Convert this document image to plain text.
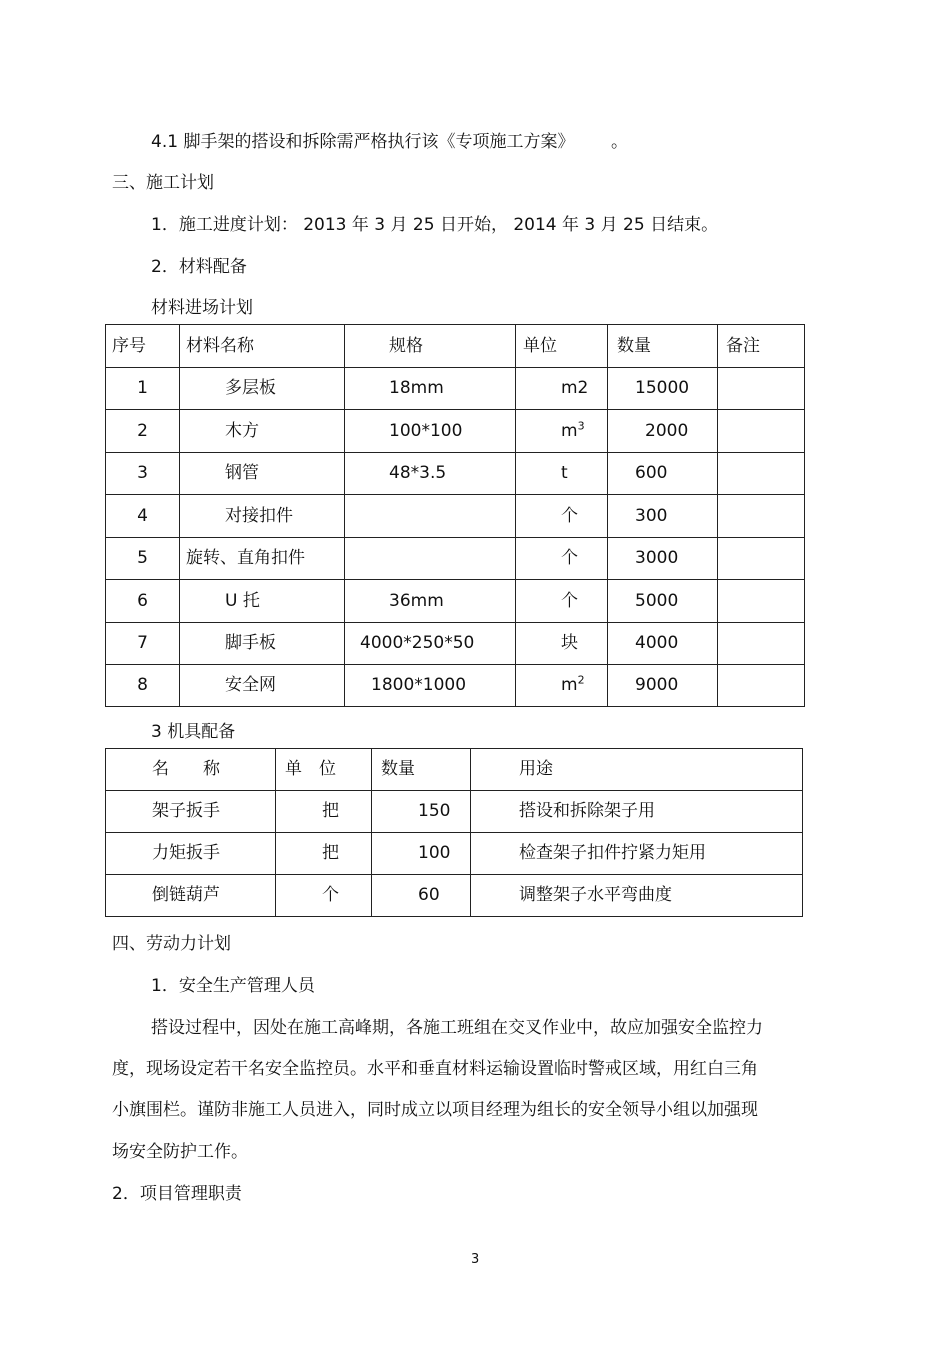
4.1 脚手架的搭设和拆除需严格执行该《专项施工方案》 。
三、施工计划
1．施工进度计划： 2013 年 3 月 25 日开始， 2014 年 3 月 25 日结束。
2．材料配备
材料进场计划
序号	材料名称	规格	单位	数量	备注
1	多层板	18mm	m2	15000	
2	木方	100*100	$m^3$	2000	
3	钢管	48*3.5	t	600	
4	对接扣件		个	300	
5	旋转、直角扣件		个	3000	
6	U 托	36mm	个	5000	
7	脚手板	4000*250*50	块	4000	
8	安全网	1800*1000	$m^2$	9000	
3 机具配备
名　　称	单　位	数量	用途
架子扳手	把	150	搭设和拆除架子用
力矩扳手	把	100	检查架子扣件拧紧力矩用
倒链葫芦	个	60	调整架子水平弯曲度
四、劳动力计划
1．安全生产管理人员
搭设过程中，因处在施工高峰期，各施工班组在交叉作业中，故应加强安全监控力
度，现场设定若干名安全监控员。水平和垂直材料运输设置临时警戒区域，用红白三角
小旗围栏。谨防非施工人员进入，同时成立以项目经理为组长的安全领导小组以加强现
场安全防护工作。
2．项目管理职责
3
